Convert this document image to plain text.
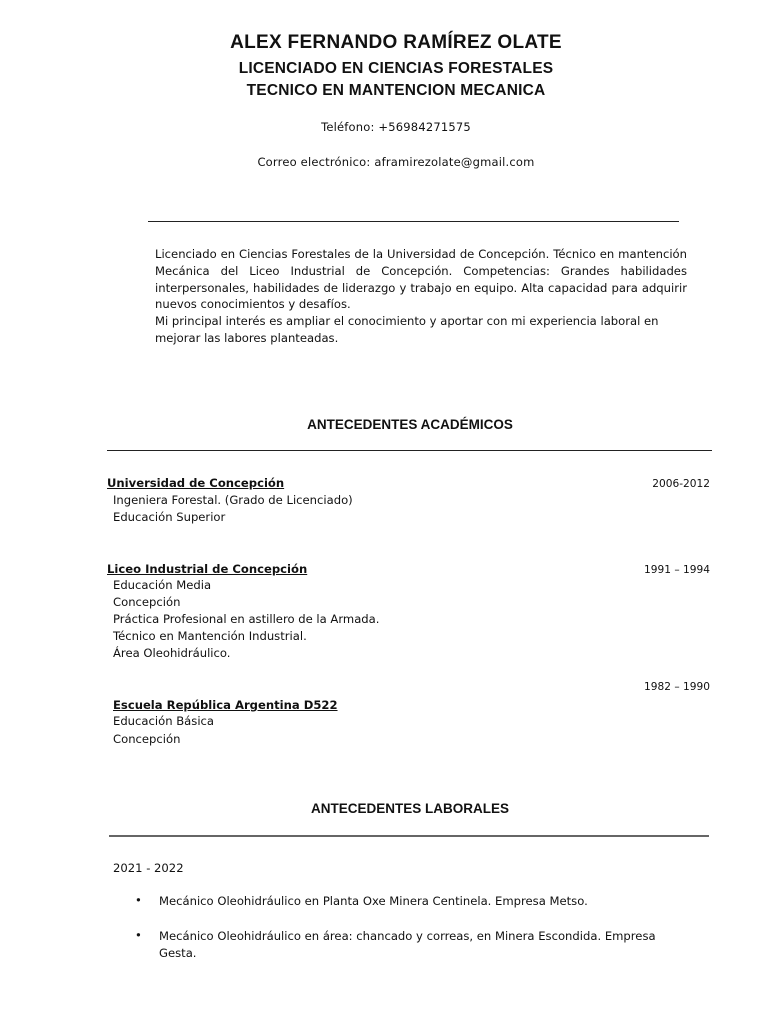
ALEX FERNANDO RAMÍREZ OLATE
LICENCIADO EN CIENCIAS FORESTALES
TECNICO EN MANTENCION MECANICA
Teléfono: +56984271575
Correo electrónico: aframirezolate@gmail.com

Licenciado en Ciencias Forestales de la Universidad de Concepción. Técnico en mantención Mecánica del Liceo Industrial de Concepción. Competencias: Grandes habilidades interpersonales, habilidades de liderazgo y trabajo en equipo. Alta capacidad para adquirir nuevos conocimientos y desafíos.

Mi principal interés es ampliar el conocimiento y aportar con mi experiencia laboral en mejorar las labores planteadas.

ANTECEDENTES ACADÉMICOS
Universidad de Concepción	2006-2012
Ingeniera Forestal. (Grado de Licenciado)
Educación Superior
Liceo Industrial de Concepción	1991 – 1994
Educación Media
Concepción
Práctica Profesional en astillero de la Armada.
Técnico en Mantención Industrial.
Área Oleohidráulico.
1982 – 1990
Escuela República Argentina D522
Educación Básica
Concepción
ANTECEDENTES LABORALES
2021 - 2022
• Mecánico Oleohidráulico en Planta Oxe Minera Centinela. Empresa Metso.
• Mecánico Oleohidráulico en área: chancado y correas, en Minera Escondida. Empresa Gesta.
